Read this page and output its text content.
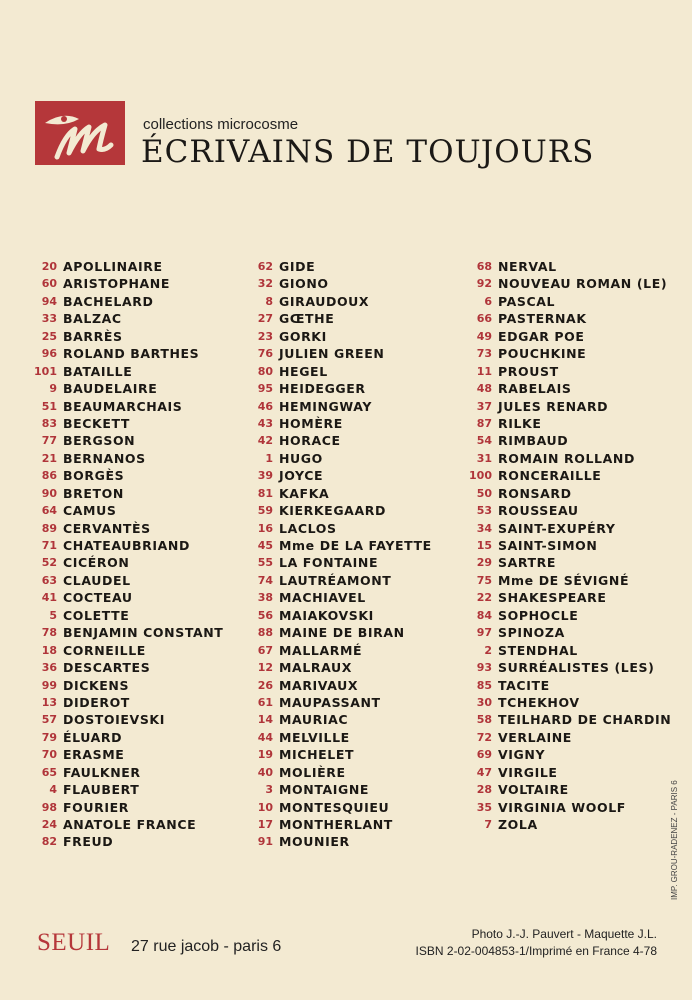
collections microcosme
ÉCRIVAINS DE TOUJOURS
20 APOLLINAIRE
60 ARISTOPHANE
94 BACHELARD
33 BALZAC
25 BARRÈS
96 ROLAND BARTHES
101 BATAILLE
9 BAUDELAIRE
51 BEAUMARCHAIS
83 BECKETT
77 BERGSON
21 BERNANOS
86 BORGÈS
90 BRETON
64 CAMUS
89 CERVANTÈS
71 CHATEAUBRIAND
52 CICÉRON
63 CLAUDEL
41 COCTEAU
5 COLETTE
78 BENJAMIN CONSTANT
18 CORNEILLE
36 DESCARTES
99 DICKENS
13 DIDEROT
57 DOSTOIEVSKI
79 ÉLUARD
70 ERASME
65 FAULKNER
4 FLAUBERT
98 FOURIER
24 ANATOLE FRANCE
82 FREUD
62 GIDE
32 GIONO
8 GIRAUDOUX
27 GŒTHE
23 GORKI
76 JULIEN GREEN
80 HEGEL
95 HEIDEGGER
46 HEMINGWAY
43 HOMÈRE
42 HORACE
1 HUGO
39 JOYCE
81 KAFKA
59 KIERKEGAARD
16 LACLOS
45 Mme DE LA FAYETTE
55 LA FONTAINE
74 LAUTRÉAMONT
38 MACHIAVEL
56 MAIAKOVSKI
88 MAINE DE BIRAN
67 MALLARMÉ
12 MALRAUX
26 MARIVAUX
61 MAUPASSANT
14 MAURIAC
44 MELVILLE
19 MICHELET
40 MOLIÈRE
3 MONTAIGNE
10 MONTESQUIEU
17 MONTHERLANT
91 MOUNIER
68 NERVAL
92 NOUVEAU ROMAN (LE)
6 PASCAL
66 PASTERNAK
49 EDGAR POE
73 POUCHKINE
11 PROUST
48 RABELAIS
37 JULES RENARD
87 RILKE
54 RIMBAUD
31 ROMAIN ROLLAND
100 RONCERAILLE
50 RONSARD
53 ROUSSEAU
34 SAINT-EXUPÉRY
15 SAINT-SIMON
29 SARTRE
75 Mme DE SÉVIGNÉ
22 SHAKESPEARE
84 SOPHOCLE
97 SPINOZA
2 STENDHAL
93 SURRÉALISTES (LES)
85 TACITE
30 TCHEKHOV
58 TEILHARD DE CHARDIN
72 VERLAINE
69 VIGNY
47 VIRGILE
28 VOLTAIRE
35 VIRGINIA WOOLF
7 ZOLA	IMP. GROU-RADENEZ - PARIS 6
SEUIL 27 rue jacob - paris 6
Photo J.-J. Pauvert - Maquette J.L.
ISBN 2-02-004853-1/Imprimé en France 4-78
